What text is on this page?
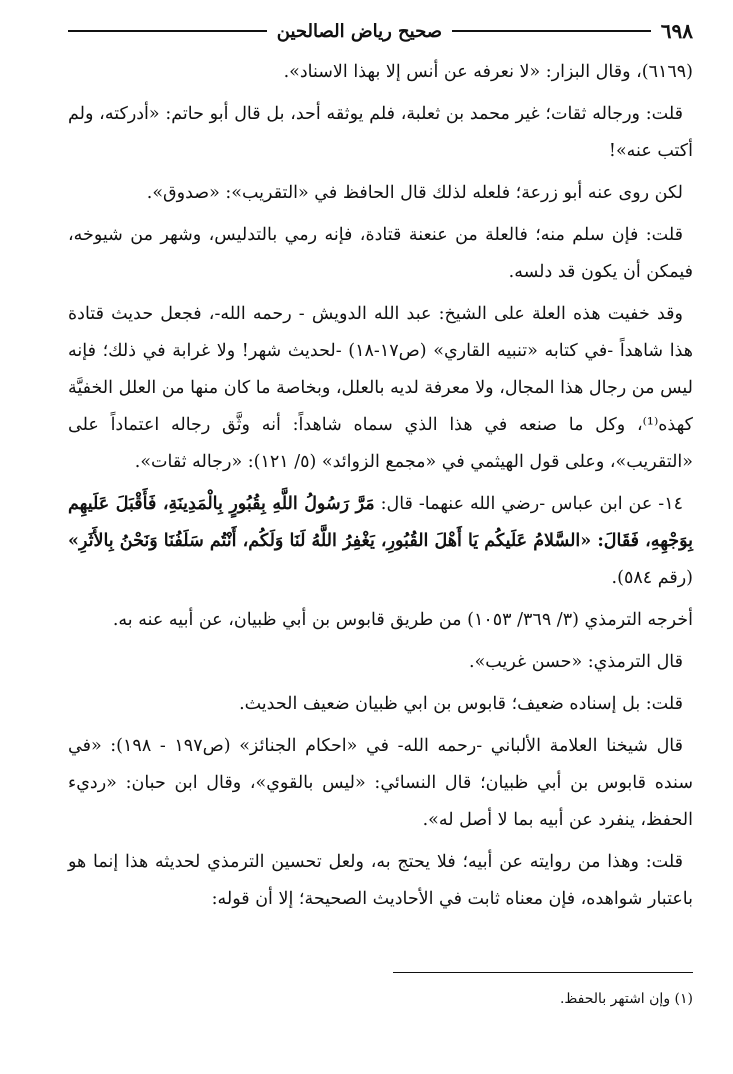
٦٩٨
صحيح رياض الصالحين

(٦١٦٩)، وقال البزار: «لا نعرفه عن أنس إلا بهذا الاسناد».

قلت: ورجاله ثقات؛ غير محمد بن ثعلبة، فلم يوثقه أحد، بل قال أبو حاتم: «أدركته، ولم أكتب عنه»!

لكن روى عنه أبو زرعة؛ فلعله لذلك قال الحافظ في «التقريب»: «صدوق».

قلت: فإن سلم منه؛ فالعلة من عنعنة قتادة، فإنه رمي بالتدليس، وشهر من شيوخه، فيمكن أن يكون قد دلسه.

وقد خفيت هذه العلة على الشيخ: عبد الله الدويش - رحمه الله-، فجعل حديث قتادة هذا شاهداً -في كتابه «تنبيه القاري» (ص١٧-١٨) -لحديث شهر! ولا غرابة في ذلك؛ فإنه ليس من رجال هذا المجال، ولا معرفة لديه بالعلل، وبخاصة ما كان منها من العلل الخفيَّة كهذه⁽¹⁾، وكل ما صنعه في هذا الذي سماه شاهداً: أنه وثَّق رجاله اعتماداً على «التقريب»، وعلى قول الهيثمي في «مجمع الزوائد» (٥/ ١٢١): «رجاله ثقات».

١٤- عن ابن عباس -رضي الله عنهما- قال: مَرَّ رَسُولُ اللَّهِ بِقُبُورٍ بِالْمَدِينَةِ، فَأَقْبَلَ عَلَيهِم بِوَجْهِهِ، فَقَالَ: «السَّلامُ عَلَيكُم يَا أَهْلَ القُبُورِ، يَغْفِرُ اللَّهُ لَنَا وَلَكُم، أَنْتُم سَلَفُنَا وَنَحْنُ بِالأَثَرِ» (رقم ٥٨٤).

أخرجه الترمذي (٣/ ٣٦٩/ ١٠٥٣) من طريق قابوس بن أبي ظبيان، عن أبيه عنه به.

قال الترمذي: «حسن غريب».

قلت: بل إسناده ضعيف؛ قابوس بن ابي ظبيان ضعيف الحديث.

قال شيخنا العلامة الألباني -رحمه الله- في «احكام الجنائز» (ص١٩٧ - ١٩٨): «في سنده قابوس بن أبي ظبيان؛ قال النسائي: «ليس بالقوي»، وقال ابن حبان: «رديء الحفظ، ينفرد عن أبيه بما لا أصل له».

قلت: وهذا من روايته عن أبيه؛ فلا يحتج به، ولعل تحسين الترمذي لحديثه هذا إنما هو باعتبار شواهده، فإن معناه ثابت في الأحاديث الصحيحة؛ إلا أن قوله:

(١) وإن اشتهر بالحفظ.
